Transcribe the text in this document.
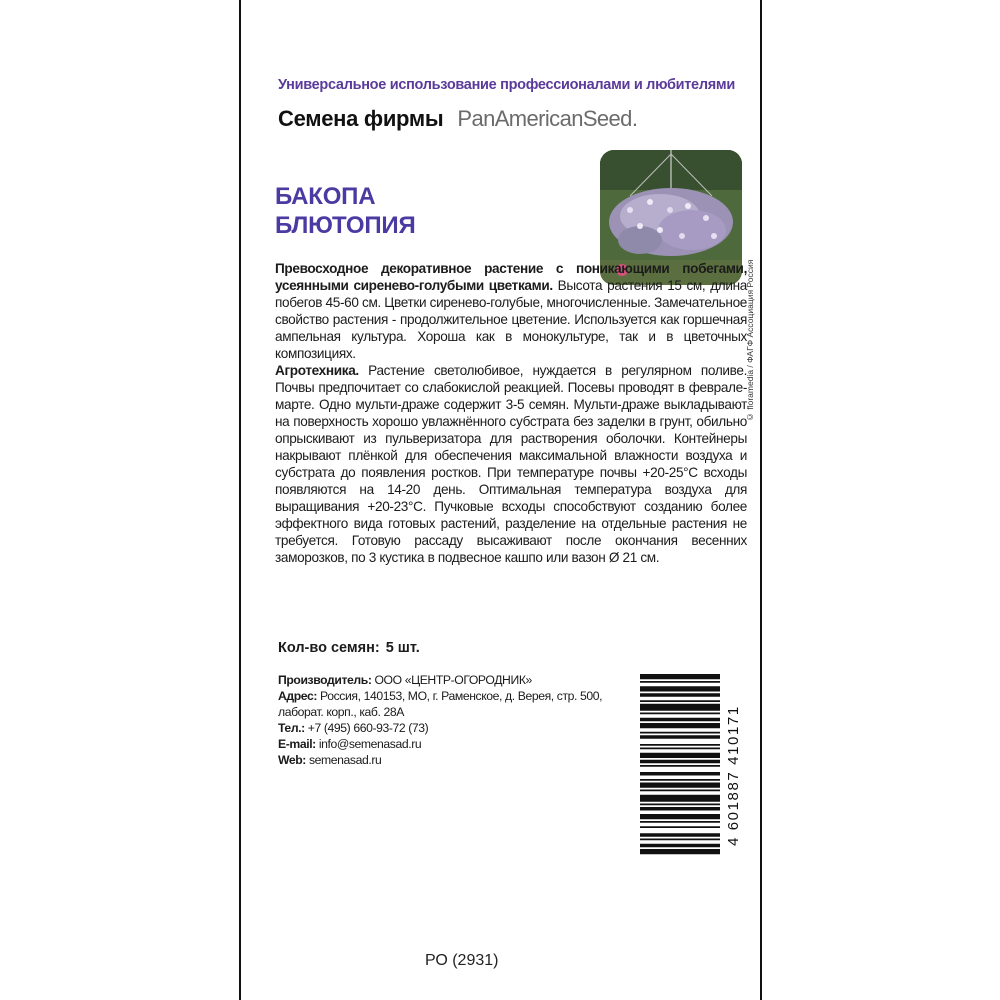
Универсальное использование профессионалами и любителями
Семена фирмы PanAmericanSeed.
БАКОПА
БЛЮТОПИЯ
© floramedia / ФАГФ Ассоциация Россия

Превосходное декоративное растение с поникающими побегами, усеянными сиренево-голубыми цветками. Высота растения 15 см, длина побегов 45-60 см. Цветки сиренево-голубые, многочисленные. Замечательное свойство растения - продолжительное цветение. Используется как горшечная ампельная культура. Хороша как в монокультуре, так и в цветочных композициях.

Агротехника. Растение светолюбивое, нуждается в регулярном поливе. Почвы предпочитает со слабокислой реакцией. Посевы проводят в феврале-марте. Одно мульти-драже содержит 3-5 семян. Мульти-драже выкладывают на поверхность хорошо увлажнённого субстрата без заделки в грунт, обильно опрыскивают из пульверизатора для растворения оболочки. Контейнеры накрывают плёнкой для обеспечения максимальной влажности воздуха и субстрата до появления ростков. При температуре почвы +20-25°С всходы появляются на 14-20 день. Оптимальная температура воздуха для выращивания +20-23°С. Пучковые всходы способствуют созданию более эффектного вида готовых растений, разделение на отдельные растения не требуется. Готовую рассаду высаживают после окончания весенних заморозков, по 3 кустика в подвесное кашпо или вазон Ø 21 см.

Кол-во семян: 5 шт.
Производитель: ООО «ЦЕНТР-ОГОРОДНИК»
Адрес: Россия, 140153, МО, г. Раменское, д. Верея, стр. 500,
лаборат. корп., каб. 28А
Тел.: +7 (495) 660-93-72 (73)
E-mail: info@semenasad.ru
Web: semenasad.ru	4 601887 410171
РО (2931)
